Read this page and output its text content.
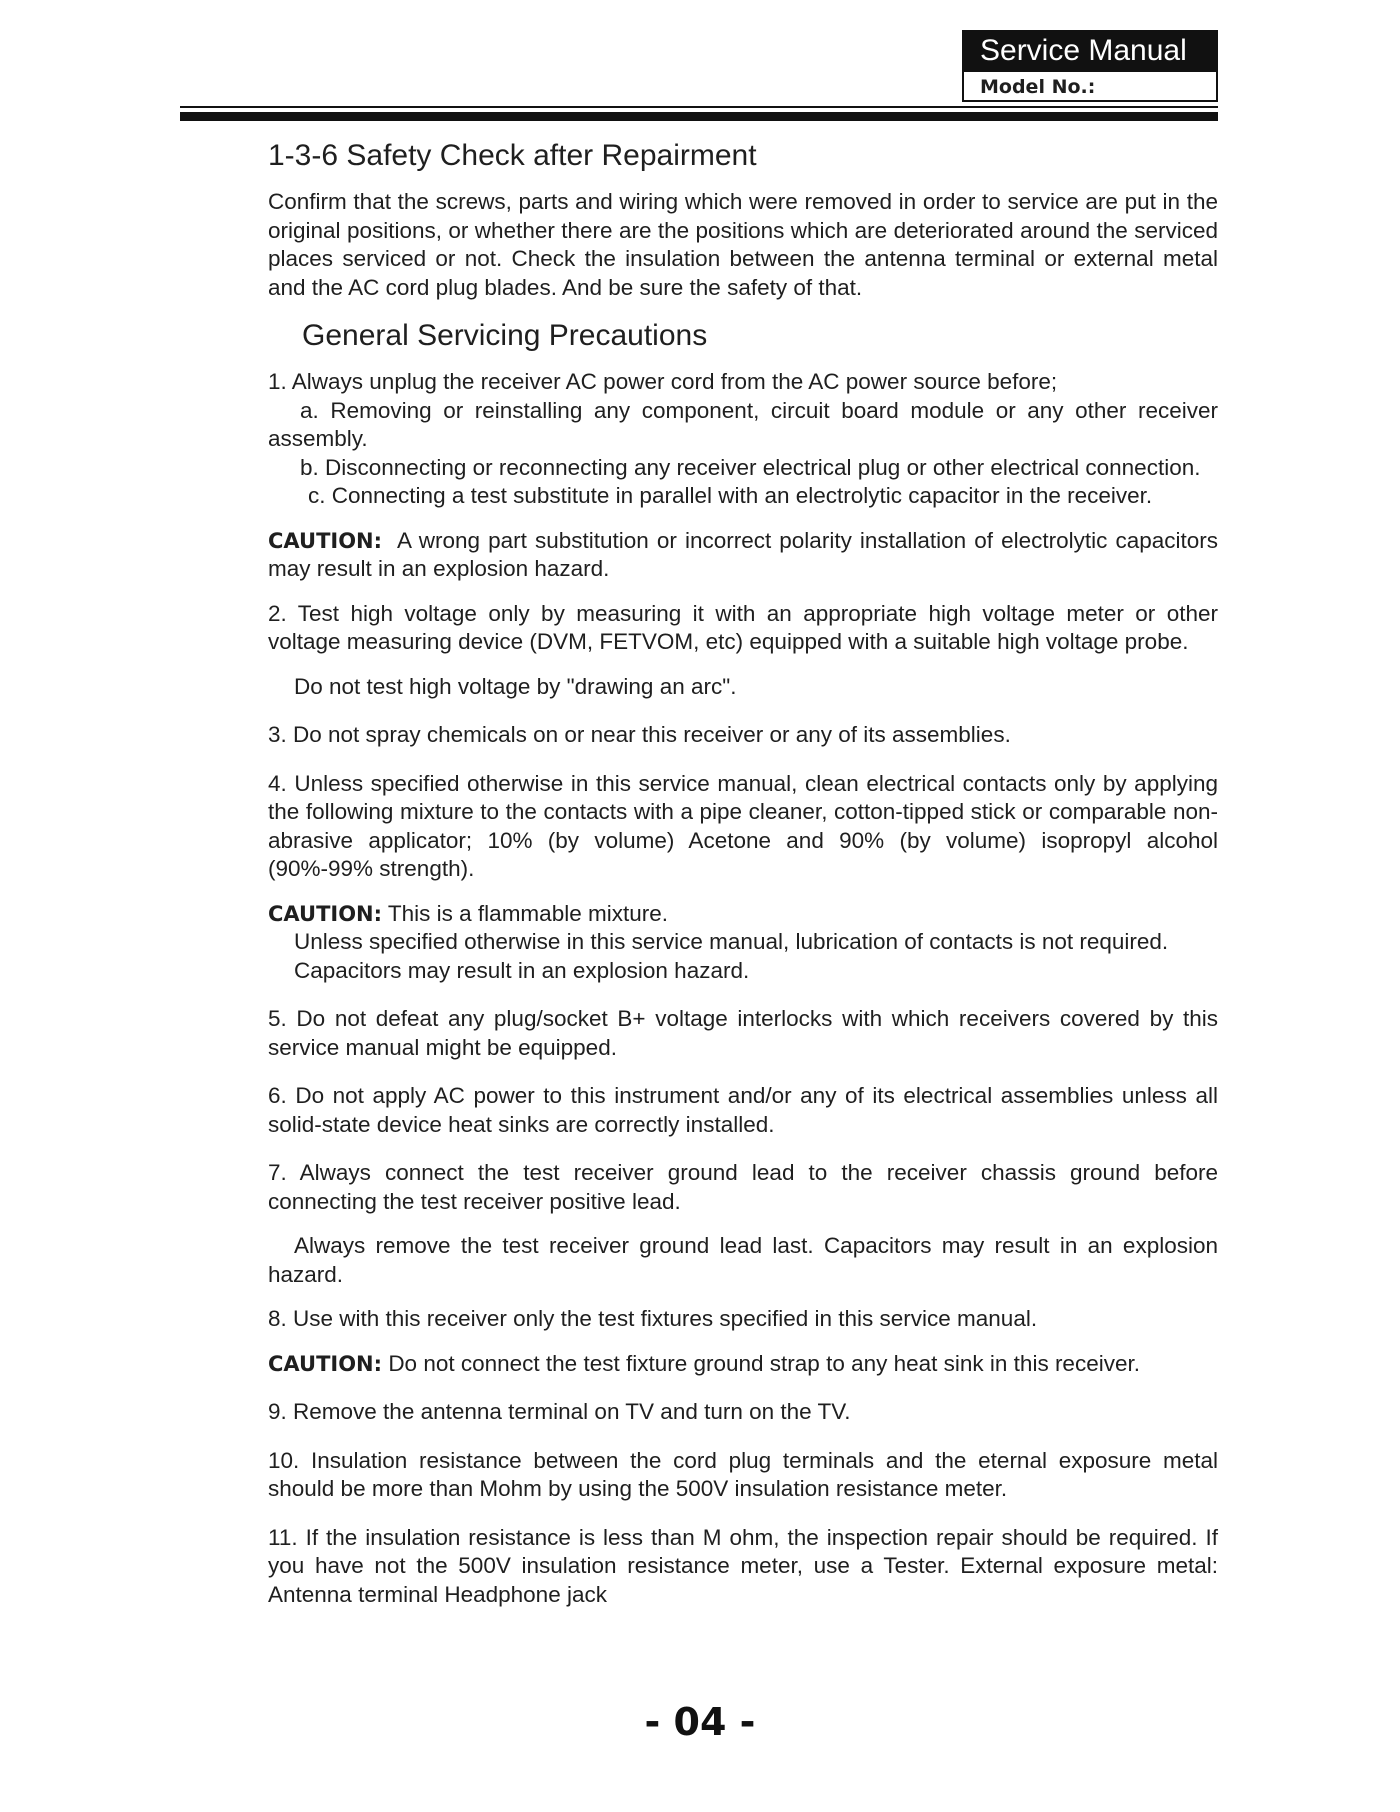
Service Manual
Model No.:
1-3-6 Safety Check after Repairment

Confirm that the screws, parts and wiring which were removed in order to service are put in the original positions, or whether there are the positions which are deteriorated around the serviced places serviced or not. Check the insulation between the antenna terminal or external metal and the AC cord plug blades. And be sure the safety of that.

General Servicing Precautions

1. Always unplug the receiver AC power cord from the AC power source before;

a. Removing or reinstalling any component, circuit board module or any other receiver assembly.

b. Disconnecting or reconnecting any receiver electrical plug or other electrical connection.

c. Connecting a test substitute in parallel with an electrolytic capacitor in the receiver.

CAUTION: A wrong part substitution or incorrect polarity installation of electrolytic capacitors may result in an explosion hazard.

2. Test high voltage only by measuring it with an appropriate high voltage meter or other voltage measuring device (DVM, FETVOM, etc) equipped with a suitable high voltage probe.

Do not test high voltage by "drawing an arc".

3. Do not spray chemicals on or near this receiver or any of its assemblies.

4. Unless specified otherwise in this service manual, clean electrical contacts only by applying the following mixture to the contacts with a pipe cleaner, cotton-tipped stick or comparable non-abrasive applicator; 10% (by volume) Acetone and 90% (by volume) isopropyl alcohol (90%-99% strength).

CAUTION: This is a flammable mixture.

Unless specified otherwise in this service manual, lubrication of contacts is not required.

Capacitors may result in an explosion hazard.

5. Do not defeat any plug/socket B+ voltage interlocks with which receivers covered by this service manual might be equipped.

6. Do not apply AC power to this instrument and/or any of its electrical assemblies unless all solid-state device heat sinks are correctly installed.

7. Always connect the test receiver ground lead to the receiver chassis ground before connecting the test receiver positive lead.

Always remove the test receiver ground lead last. Capacitors may result in an explosion hazard.

8. Use with this receiver only the test fixtures specified in this service manual.

CAUTION: Do not connect the test fixture ground strap to any heat sink in this receiver.

9. Remove the antenna terminal on TV and turn on the TV.

10. Insulation resistance between the cord plug terminals and the eternal exposure metal should be more than Mohm by using the 500V insulation resistance meter.

11. If the insulation resistance is less than M ohm, the inspection repair should be required. If you have not the 500V insulation resistance meter, use a Tester. External exposure metal: Antenna terminal Headphone jack

- 04 -
